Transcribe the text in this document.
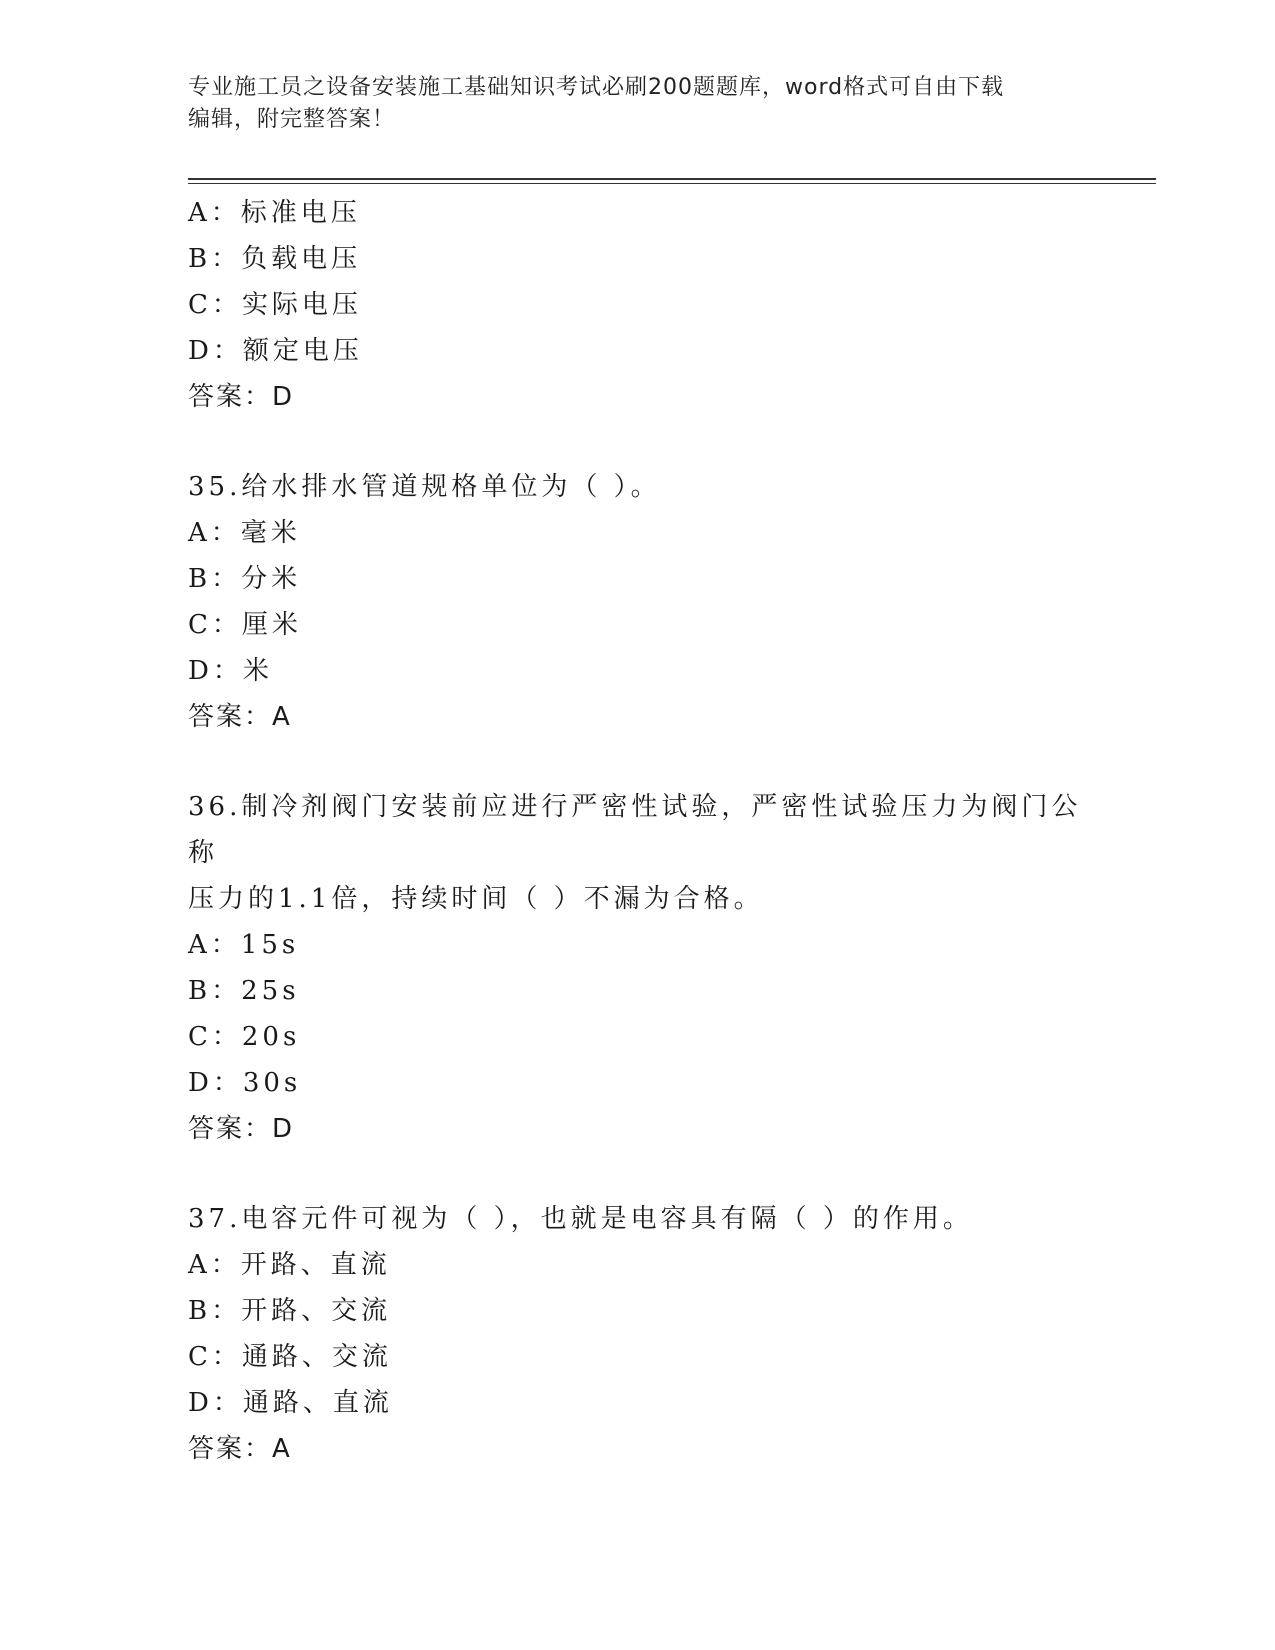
专业施工员之设备安装施工基础知识考试必刷200题题库，word格式可自由下载
编辑，附完整答案！
A：标准电压
B：负载电压
C：实际电压
D：额定电压
答案：D
35.给水排水管道规格单位为（ ）。
A：毫米
B：分米
C：厘米
D：米
答案：A
36.制冷剂阀门安装前应进行严密性试验，严密性试验压力为阀门公称
压力的1.1倍，持续时间（ ）不漏为合格。
A：15s
B：25s
C：20s
D：30s
答案：D
37.电容元件可视为（ ），也就是电容具有隔（ ）的作用。
A：开路、直流
B：开路、交流
C：通路、交流
D：通路、直流
答案：A
